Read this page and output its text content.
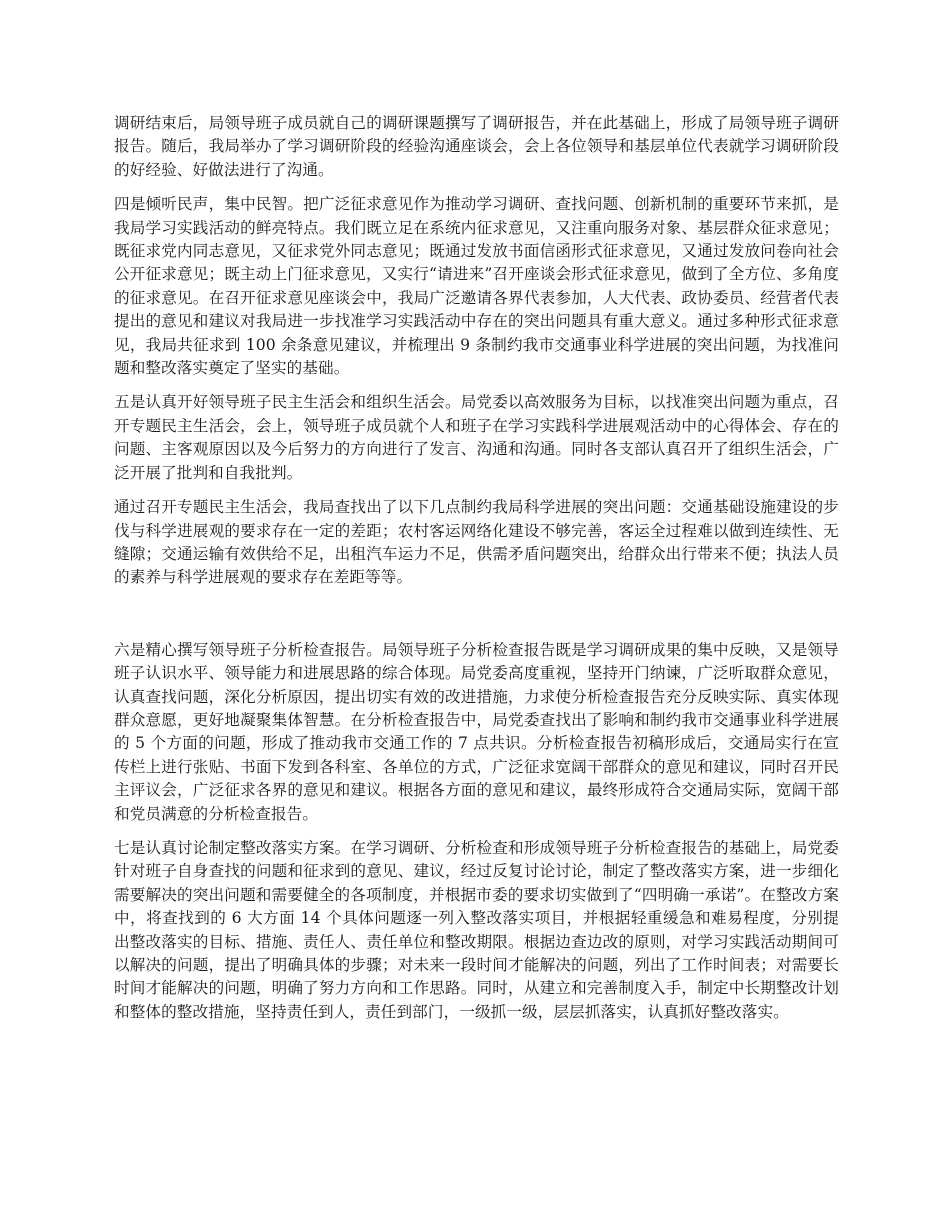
调研结束后，局领导班子成员就自己的调研课题撰写了调研报告，并在此基础上，形成了局领导班子调研报告。随后，我局举办了学习调研阶段的经验沟通座谈会，会上各位领导和基层单位代表就学习调研阶段的好经验、好做法进行了沟通。

四是倾听民声，集中民智。把广泛征求意见作为推动学习调研、查找问题、创新机制的重要环节来抓，是我局学习实践活动的鲜亮特点。我们既立足在系统内征求意见，又注重向服务对象、基层群众征求意见；既征求党内同志意见，又征求党外同志意见；既通过发放书面信函形式征求意见，又通过发放问卷向社会公开征求意见；既主动上门征求意见，又实行“请进来”召开座谈会形式征求意见，做到了全方位、多角度的征求意见。在召开征求意见座谈会中，我局广泛邀请各界代表参加，人大代表、政协委员、经营者代表提出的意见和建议对我局进一步找准学习实践活动中存在的突出问题具有重大意义。通过多种形式征求意见，我局共征求到 100 余条意见建议，并梳理出 9 条制约我市交通事业科学进展的突出问题，为找准问题和整改落实奠定了坚实的基础。

五是认真开好领导班子民主生活会和组织生活会。局党委以高效服务为目标，以找准突出问题为重点，召开专题民主生活会，会上，领导班子成员就个人和班子在学习实践科学进展观活动中的心得体会、存在的问题、主客观原因以及今后努力的方向进行了发言、沟通和沟通。同时各支部认真召开了组织生活会，广泛开展了批判和自我批判。

通过召开专题民主生活会，我局查找出了以下几点制约我局科学进展的突出问题：交通基础设施建设的步伐与科学进展观的要求存在一定的差距；农村客运网络化建设不够完善，客运全过程难以做到连续性、无缝隙；交通运输有效供给不足，出租汽车运力不足，供需矛盾问题突出，给群众出行带来不便；执法人员的素养与科学进展观的要求存在差距等等。

六是精心撰写领导班子分析检查报告。局领导班子分析检查报告既是学习调研成果的集中反映，又是领导班子认识水平、领导能力和进展思路的综合体现。局党委高度重视，坚持开门纳谏，广泛听取群众意见，认真查找问题，深化分析原因，提出切实有效的改进措施，力求使分析检查报告充分反映实际、真实体现群众意愿，更好地凝聚集体智慧。在分析检查报告中，局党委查找出了影响和制约我市交通事业科学进展的 5 个方面的问题，形成了推动我市交通工作的 7 点共识。分析检查报告初稿形成后，交通局实行在宣传栏上进行张贴、书面下发到各科室、各单位的方式，广泛征求宽阔干部群众的意见和建议，同时召开民主评议会，广泛征求各界的意见和建议。根据各方面的意见和建议，最终形成符合交通局实际，宽阔干部和党员满意的分析检查报告。

七是认真讨论制定整改落实方案。在学习调研、分析检查和形成领导班子分析检查报告的基础上，局党委针对班子自身查找的问题和征求到的意见、建议，经过反复讨论讨论，制定了整改落实方案，进一步细化需要解决的突出问题和需要健全的各项制度，并根据市委的要求切实做到了“四明确一承诺”。在整改方案中，将查找到的 6 大方面 14 个具体问题逐一列入整改落实项目，并根据轻重缓急和难易程度，分别提出整改落实的目标、措施、责任人、责任单位和整改期限。根据边查边改的原则，对学习实践活动期间可以解决的问题，提出了明确具体的步骤；对未来一段时间才能解决的问题，列出了工作时间表；对需要长时间才能解决的问题，明确了努力方向和工作思路。同时，从建立和完善制度入手，制定中长期整改计划和整体的整改措施，坚持责任到人，责任到部门，一级抓一级，层层抓落实，认真抓好整改落实。
